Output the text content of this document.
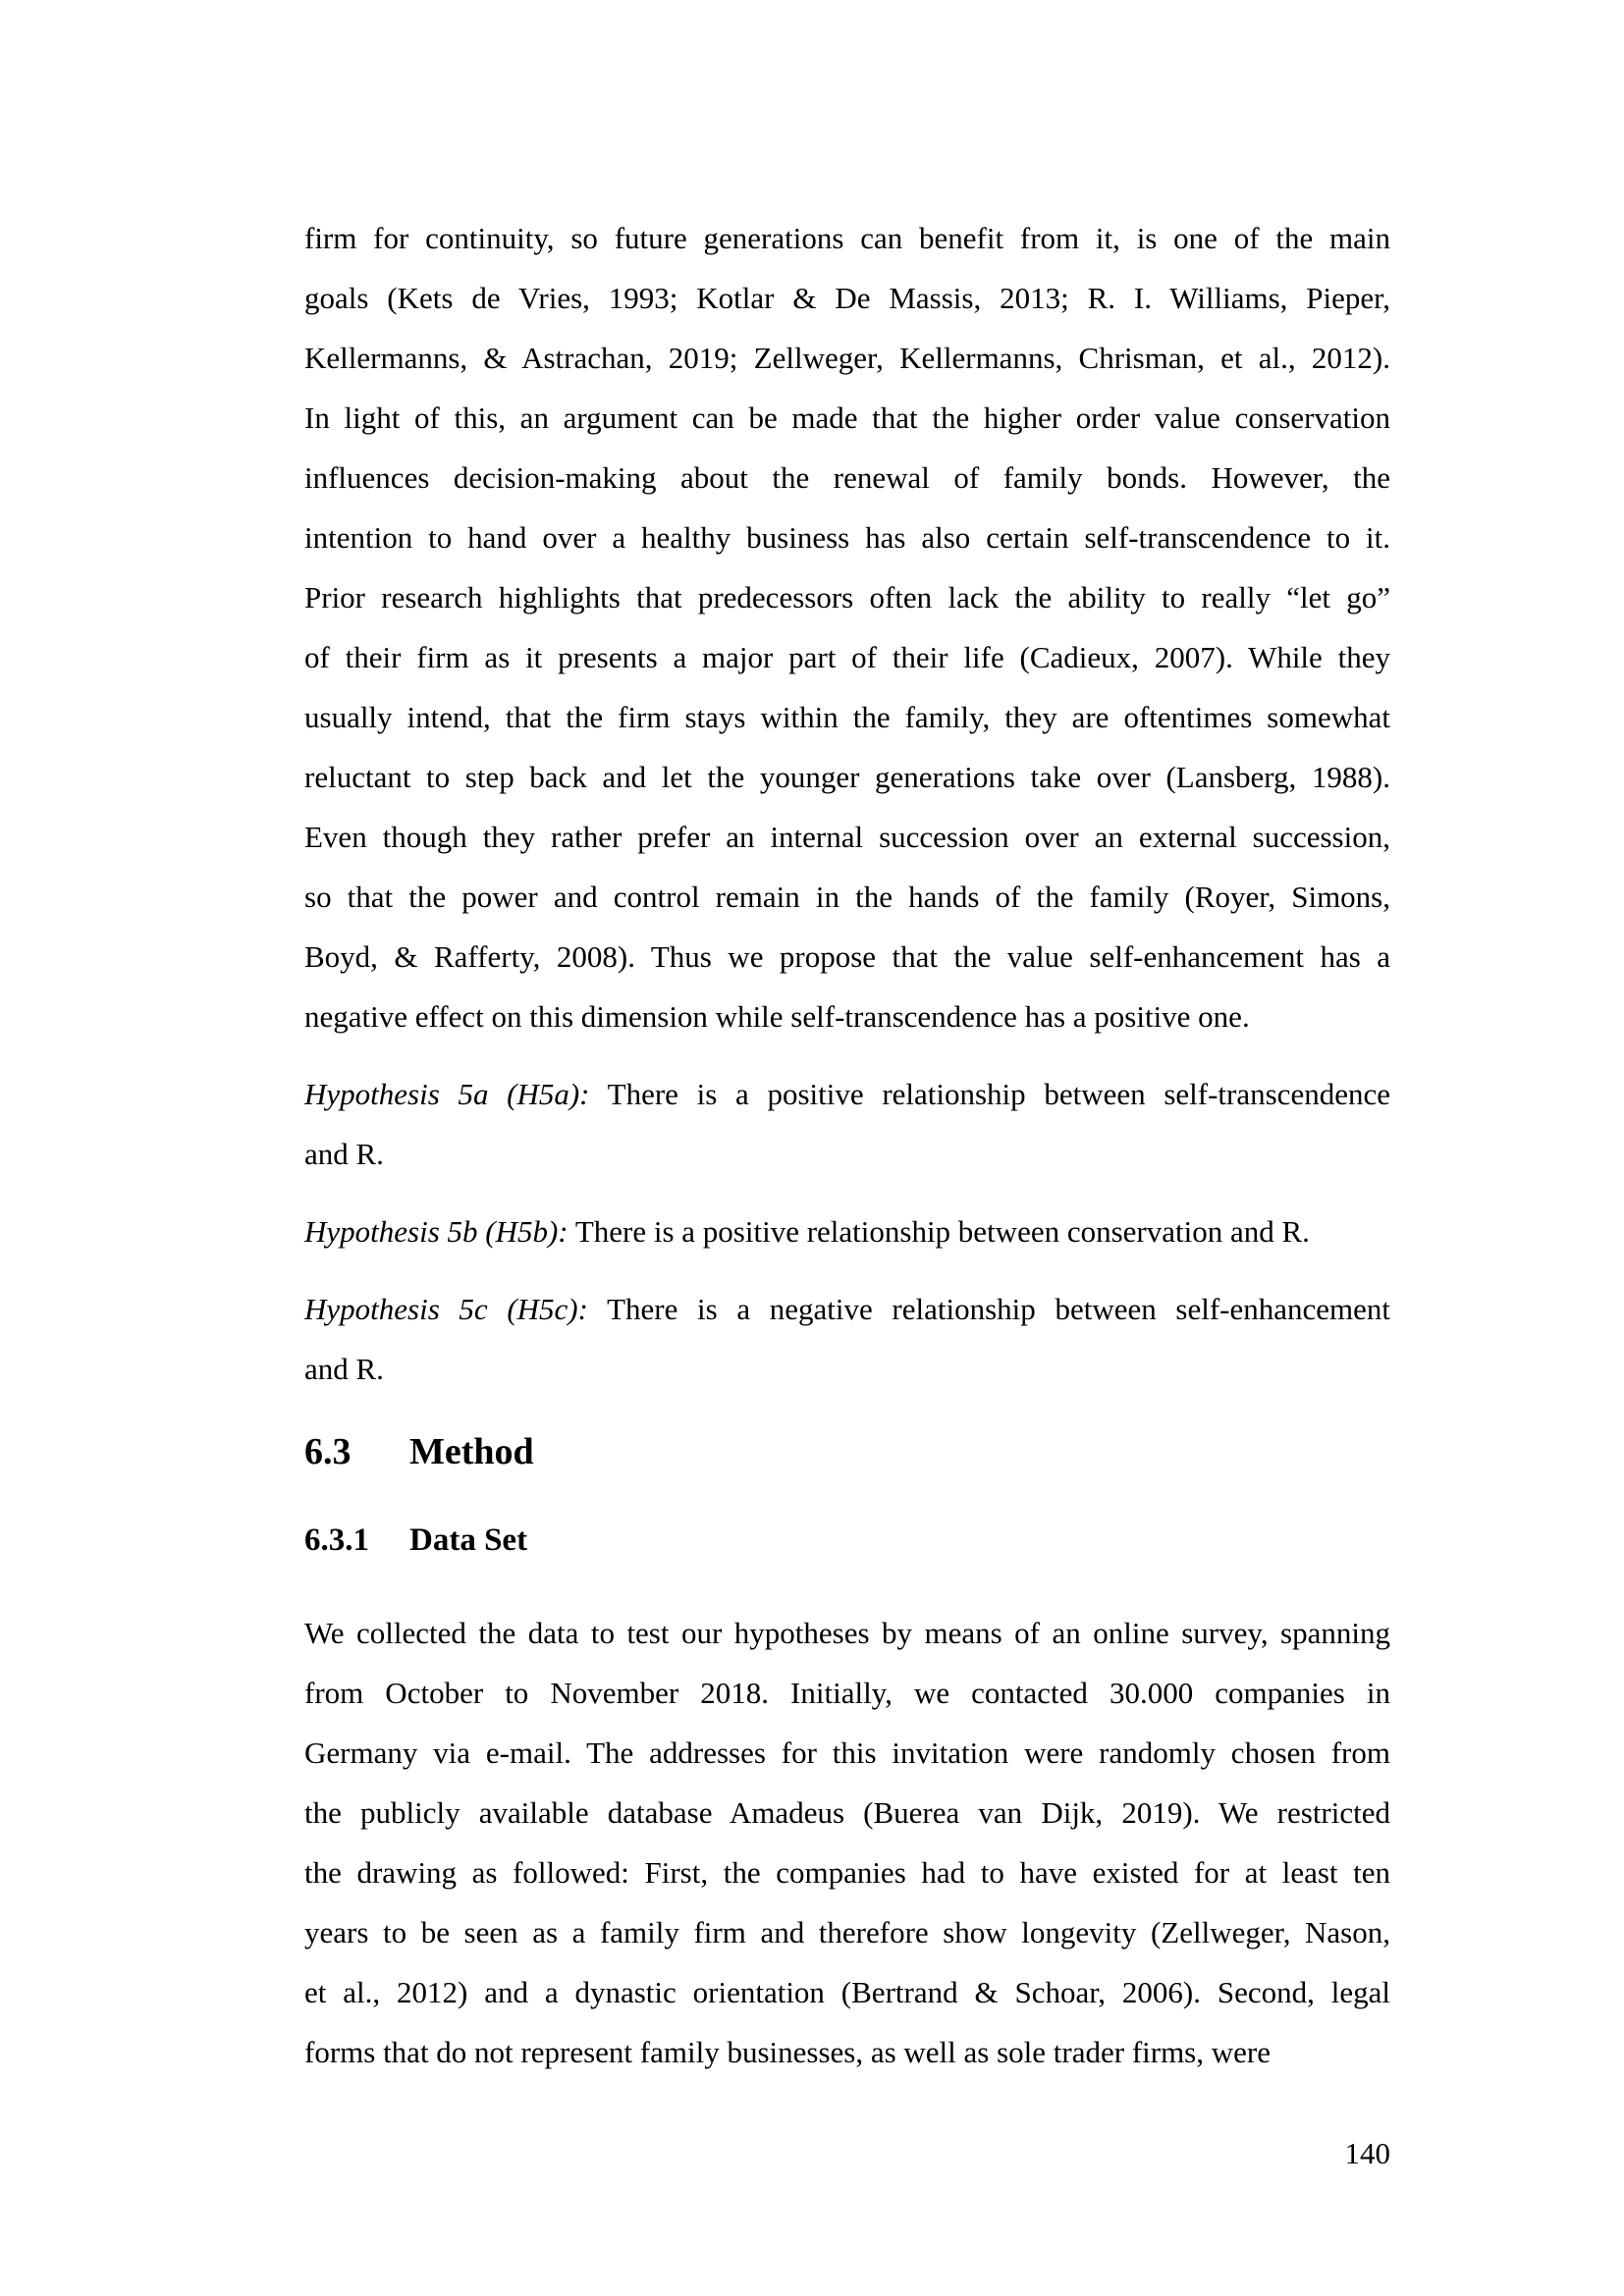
firm for continuity, so future generations can benefit from it, is one of the main
goals (Kets de Vries, 1993; Kotlar & De Massis, 2013; R. I. Williams, Pieper,
Kellermanns, & Astrachan, 2019; Zellweger, Kellermanns, Chrisman, et al., 2012).
In light of this, an argument can be made that the higher order value conservation
influences decision-making about the renewal of family bonds. However, the
intention to hand over a healthy business has also certain self-transcendence to it.
Prior research highlights that predecessors often lack the ability to really “let go”
of their firm as it presents a major part of their life (Cadieux, 2007). While they
usually intend, that the firm stays within the family, they are oftentimes somewhat
reluctant to step back and let the younger generations take over (Lansberg, 1988).
Even though they rather prefer an internal succession over an external succession,
so that the power and control remain in the hands of the family (Royer, Simons,
Boyd, & Rafferty, 2008). Thus we propose that the value self-enhancement has a
negative effect on this dimension while self-transcendence has a positive one.
Hypothesis 5a (H5a): There is a positive relationship between self-transcendence
and R.
Hypothesis 5b (H5b): There is a positive relationship between conservation and R.
Hypothesis 5c (H5c): There is a negative relationship between self-enhancement
and R.
6.3 Method
6.3.1 Data Set
We collected the data to test our hypotheses by means of an online survey, spanning
from October to November 2018. Initially, we contacted 30.000 companies in
Germany via e-mail. The addresses for this invitation were randomly chosen from
the publicly available database Amadeus (Buerea van Dijk, 2019). We restricted
the drawing as followed: First, the companies had to have existed for at least ten
years to be seen as a family firm and therefore show longevity (Zellweger, Nason,
et al., 2012) and a dynastic orientation (Bertrand & Schoar, 2006). Second, legal
forms that do not represent family businesses, as well as sole trader firms, were
140
